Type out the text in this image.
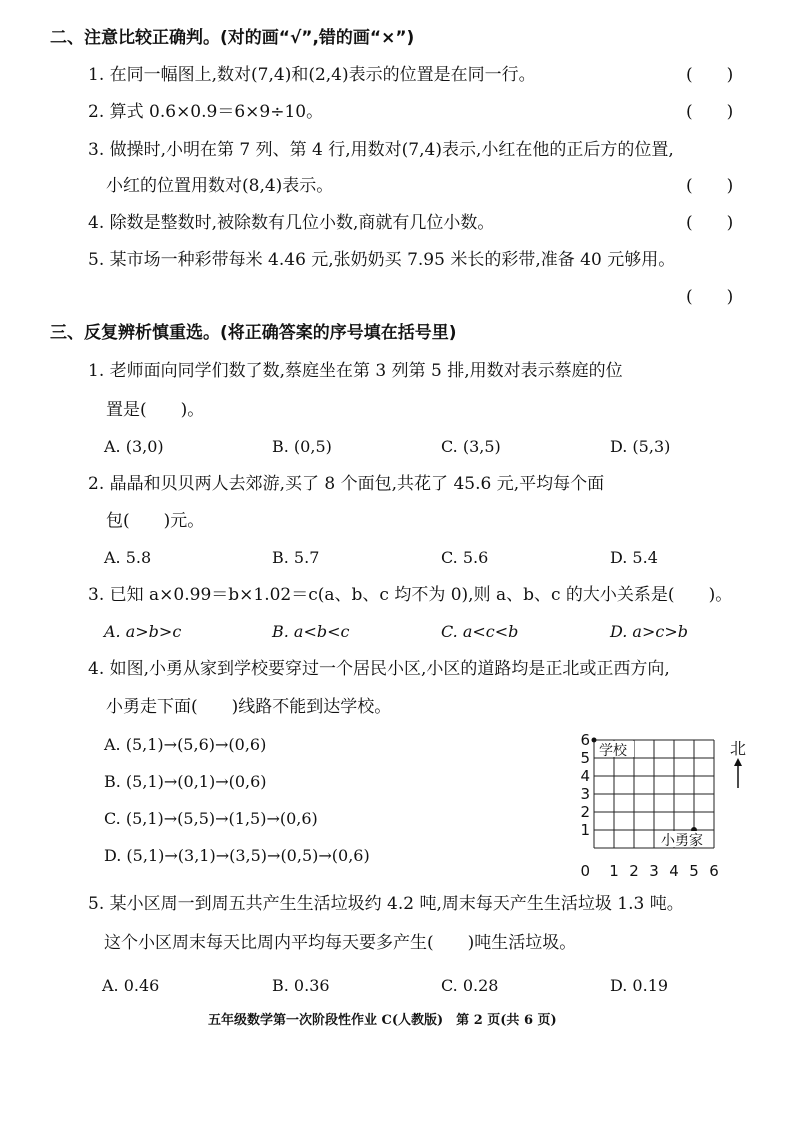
二、注意比较正确判。(对的画“√”,错的画“×”)
1. 在同一幅图上,数对(7,4)和(2,4)表示的位置是在同一行。	(　　)
2. 算式 0.6×0.9＝6×9÷10。	(　　)
3. 做操时,小明在第 7 列、第 4 行,用数对(7,4)表示,小红在他的正后方的位置,
小红的位置用数对(8,4)表示。	(　　)
4. 除数是整数时,被除数有几位小数,商就有几位小数。	(　　)
5. 某市场一种彩带每米 4.46 元,张奶奶买 7.95 米长的彩带,准备 40 元够用。
(　　)
三、反复辨析慎重选。(将正确答案的序号填在括号里)
1. 老师面向同学们数了数,蔡庭坐在第 3 列第 5 排,用数对表示蔡庭的位
置是(　　)。
A. (3,0)	B. (0,5)	C. (3,5)	D. (5,3)
2. 晶晶和贝贝两人去郊游,买了 8 个面包,共花了 45.6 元,平均每个面
包(　　)元。
A. 5.8	B. 5.7	C. 5.6	D. 5.4
3. 已知 a×0.99＝b×1.02＝c(a、b、c 均不为 0),则 a、b、c 的大小关系是(　　)。
A. a>b>c	B. a<b<c	C. a<c<b	D. a>c>b
4. 如图,小勇从家到学校要穿过一个居民小区,小区的道路均是正北或正西方向,
小勇走下面(　　)线路不能到达学校。
A. (5,1)→(5,6)→(0,6)
B. (5,1)→(0,1)→(0,6)
C. (5,1)→(5,5)→(1,5)→(0,6)
D. (5,1)→(3,1)→(3,5)→(0,5)→(0,6)
6
5
4
3
2
1
0 1 2 3 4 5 6
学校
小勇家
北
5. 某小区周一到周五共产生生活垃圾约 4.2 吨,周末每天产生生活垃圾 1.3 吨。
这个小区周末每天比周内平均每天要多产生(　　)吨生活垃圾。
A. 0.46	B. 0.36	C. 0.28	D. 0.19
五年级数学第一次阶段性作业 C(人教版)　第 2 页(共 6 页)
